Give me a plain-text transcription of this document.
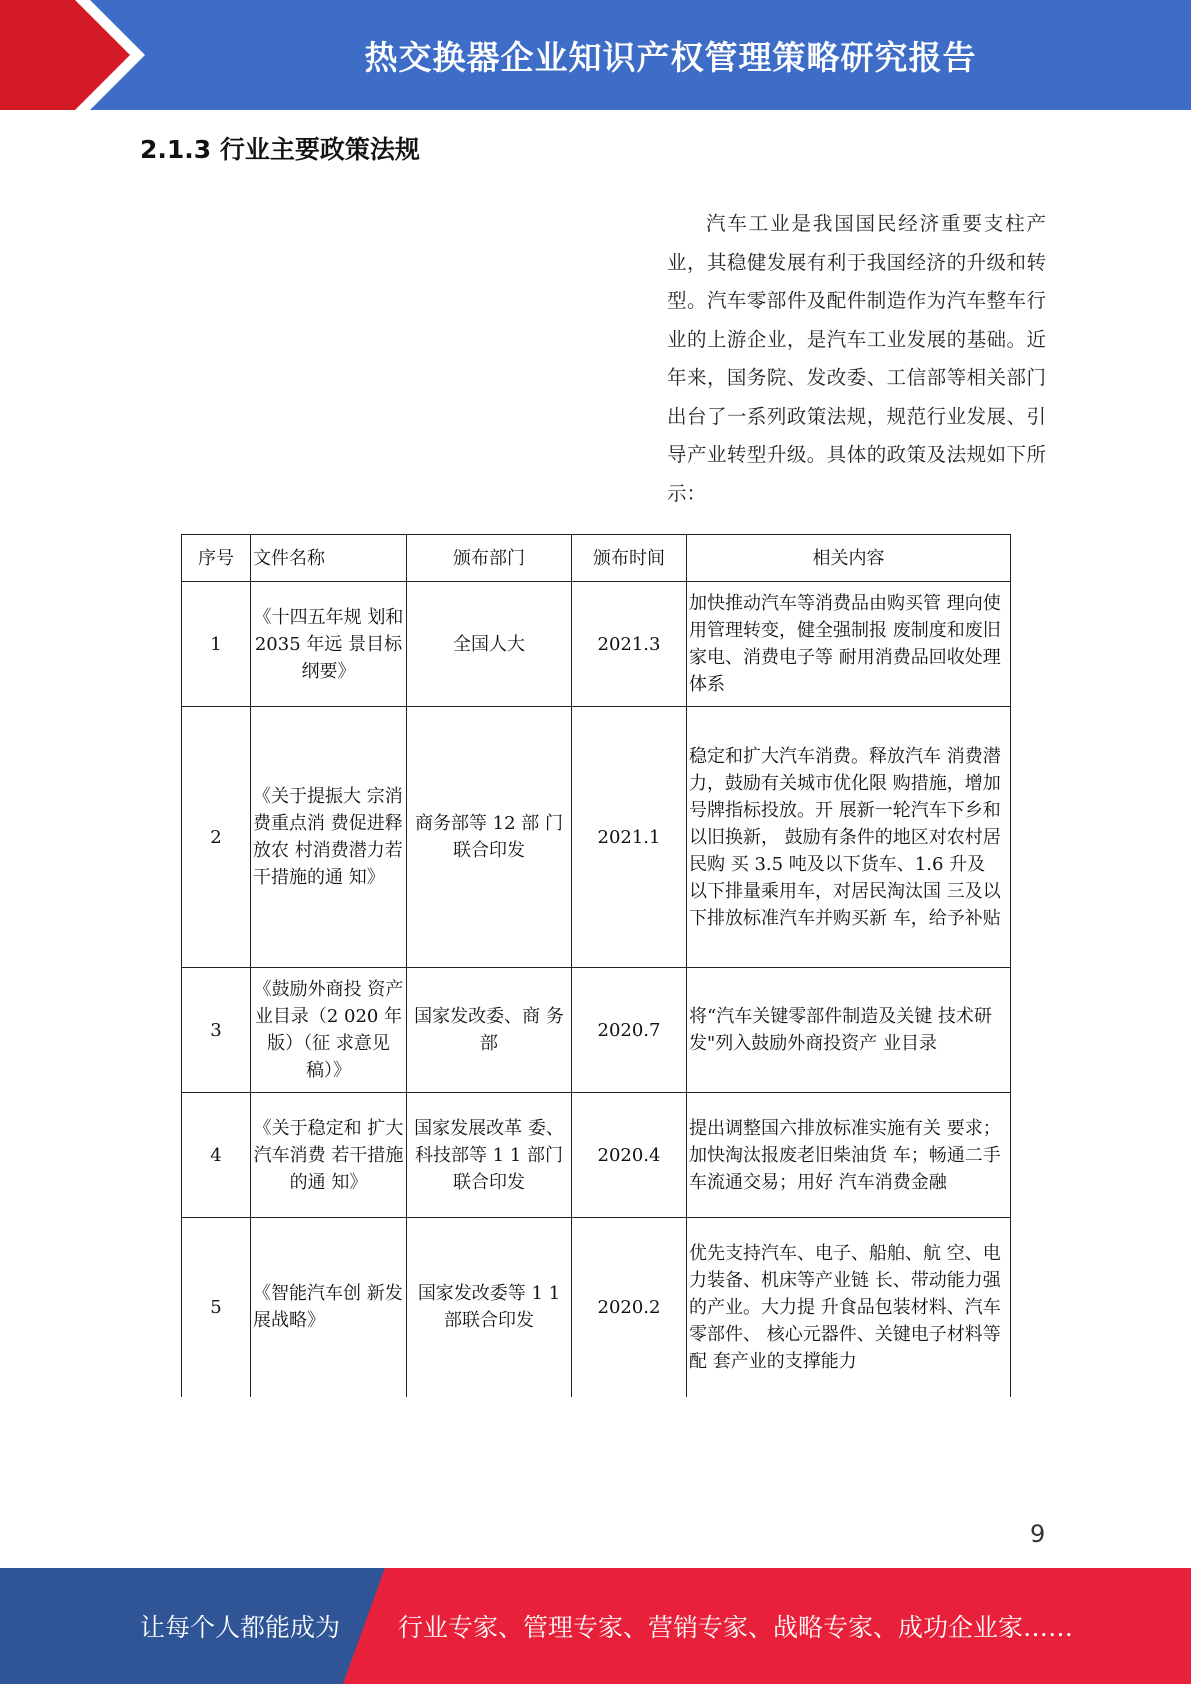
热交换器企业知识产权管理策略研究报告
2.1.3 行业主要政策法规
汽车工业是我国国民经济重要支柱产业，其稳健发展有利于我国经济的升级和转型。汽车零部件及配件制造作为汽车整车行业的上游企业，是汽车工业发展的基础。近年来，国务院、发改委、工信部等相关部门出台了一系列政策法规，规范行业发展、引导产业转型升级。具体的政策及法规如下所示：
序号	文件名称	颁布部门	颁布时间	相关内容
1	《十四五年规 划和 2035 年远 景目标纲要》	全国人大	2021.3	加快推动汽车等消费品由购买管 理向使用管理转变，健全强制报 废制度和废旧家电、消费电子等 耐用消费品回收处理体系
2	《关于提振大 宗消费重点消 费促进释放农 村消费潜力若 干措施的通 知》	商务部等 12 部 门联合印发	2021.1	稳定和扩大汽车消费。释放汽车 消费潜力，鼓励有关城市优化限 购措施，增加号牌指标投放。开 展新一轮汽车下乡和以旧换新， 鼓励有条件的地区对农村居民购 买 3.5 吨及以下货车、1.6 升及 以下排量乘用车，对居民淘汰国 三及以下排放标准汽车并购买新 车，给予补贴
3	《鼓励外商投 资产业目录（2 020 年版）（征 求意见稿）》	国家发改委、商 务部	2020.7	将“汽车关键零部件制造及关键 技术研发"列入鼓励外商投资产 业目录
4	《关于稳定和 扩大汽车消费 若干措施的通 知》	国家发展改革 委、科技部等 1 1 部门联合印发	2020.4	提出调整国六排放标准实施有关 要求；加快淘汰报废老旧柴油货 车；畅通二手车流通交易；用好 汽车消费金融
5	《智能汽车创 新发展战略》	国家发改委等 1 1 部联合印发	2020.2	优先支持汽车、电子、船舶、航 空、电力装备、机床等产业链 长、带动能力强的产业。大力提 升食品包装材料、汽车零部件、 核心元器件、关键电子材料等配 套产业的支撑能力
9
让每个人都能成为 行业专家、管理专家、营销专家、战略专家、成功企业家……
